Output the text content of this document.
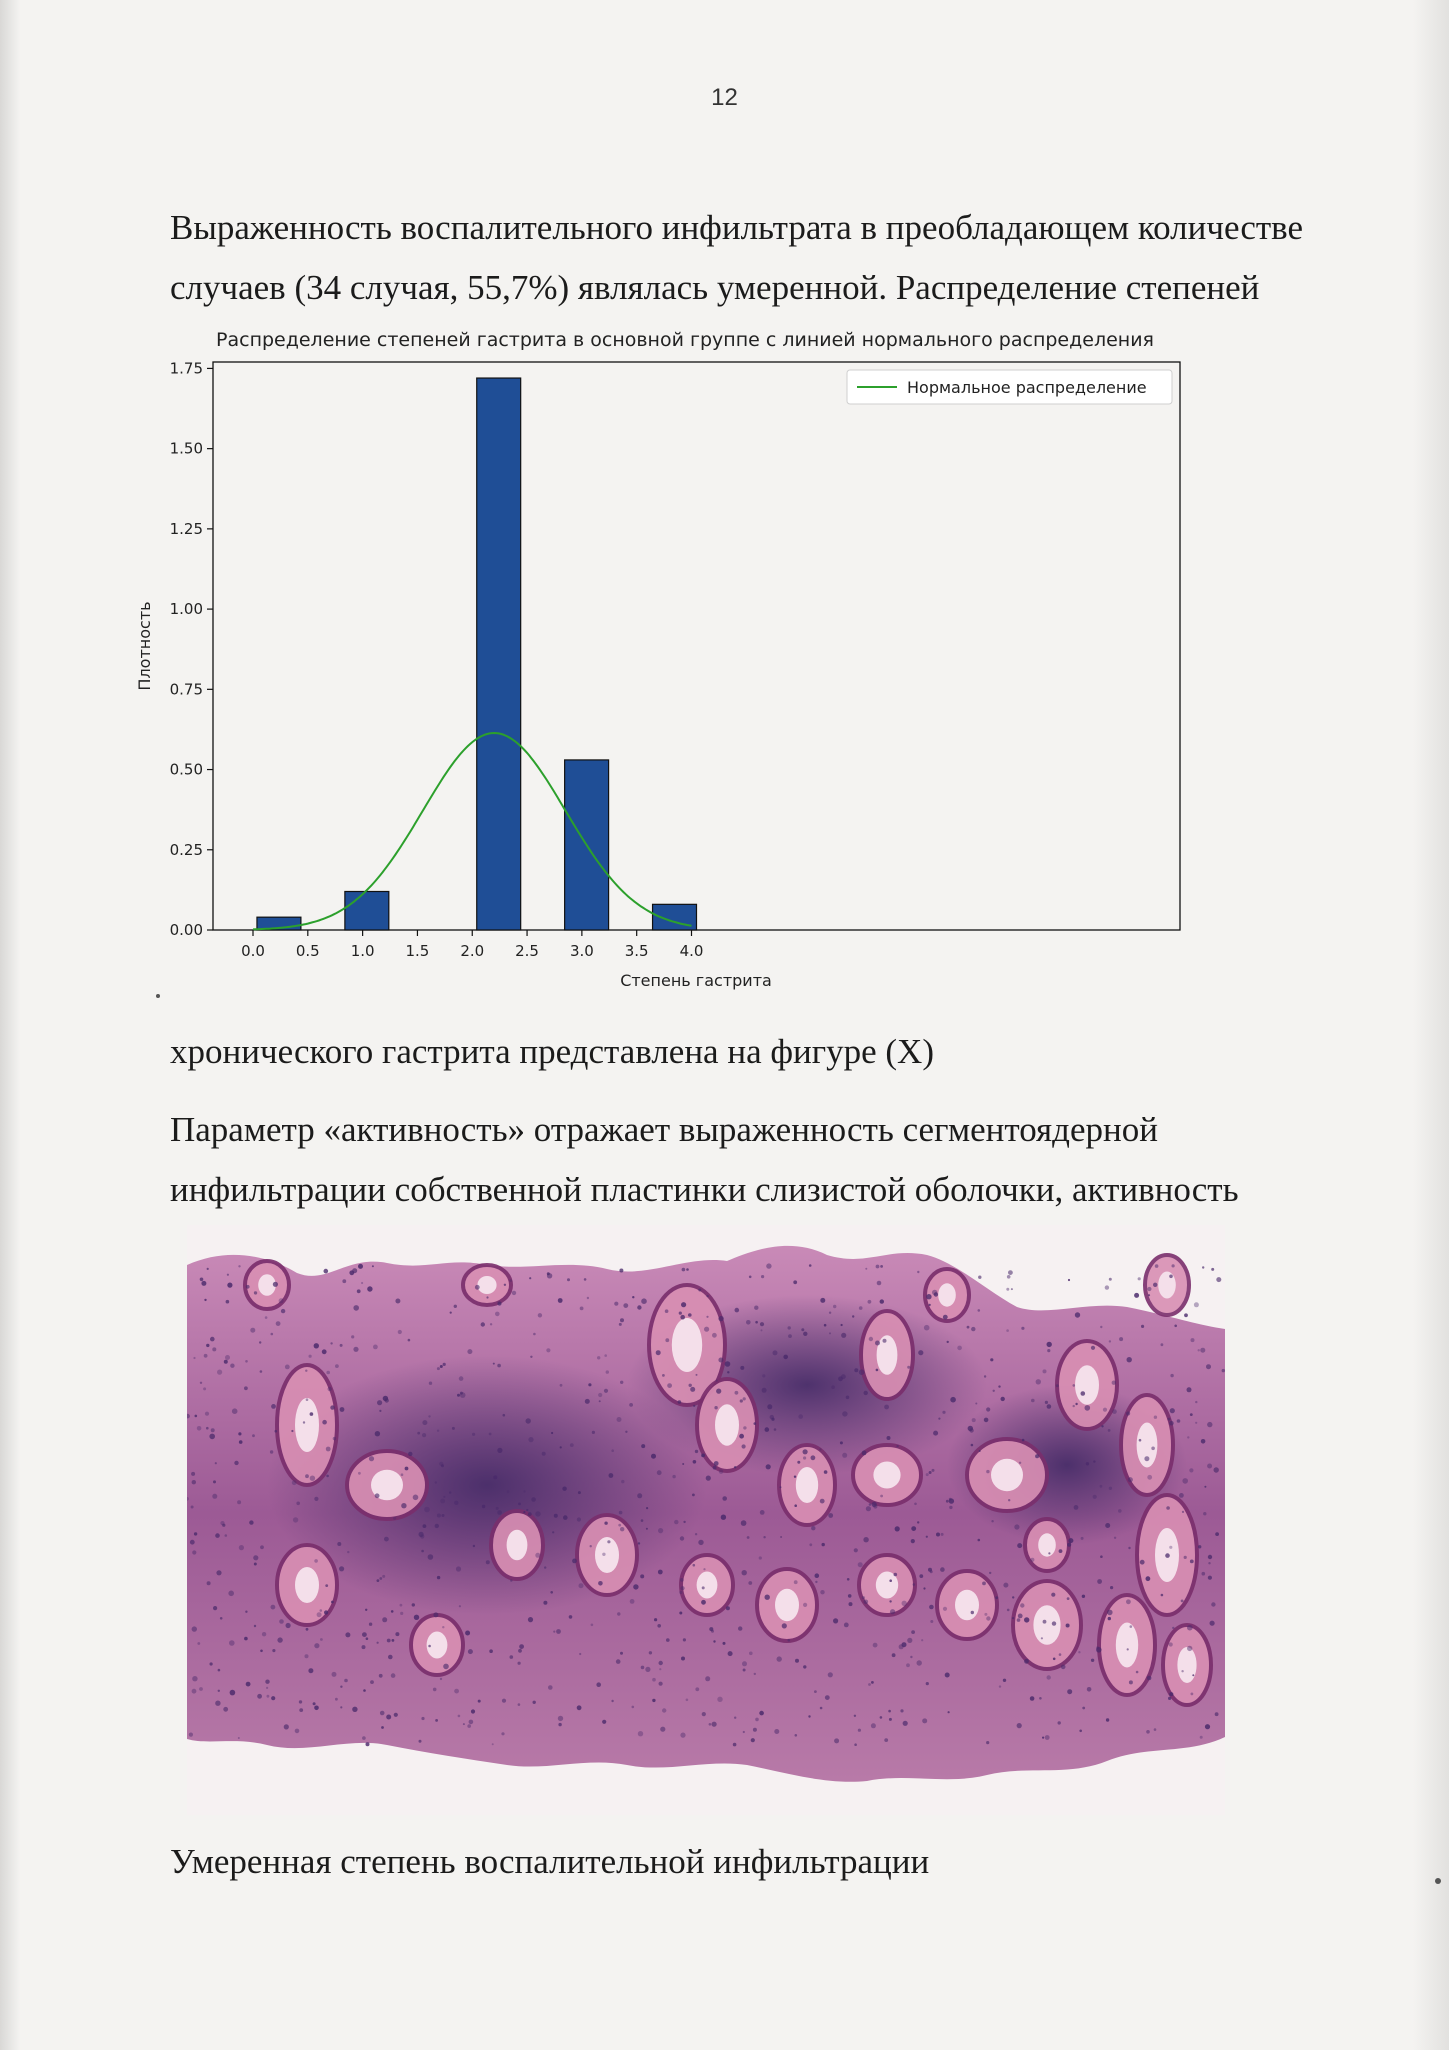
12
Выраженность воспалительного инфильтрата в преобладающем количестве
случаев (34 случая, 55,7%) являлась умеренной. Распределение степеней
Распределение степеней гастрита в основной группе с линией нормального распределения
0.0 0.5 1.0 1.5 2.0 2.5 3.0 3.5 4.0
0.00
0.25
0.50
0.75
1.00
1.25
1.50
1.75
Степень гастрита
Плотность
Нормальное распределение
хронического гастрита представлена на фигуре (X)
Параметр «активность» отражает выраженность сегментоядерной
инфильтрации собственной пластинки слизистой оболочки, активность
Умеренная степень воспалительной инфильтрации
